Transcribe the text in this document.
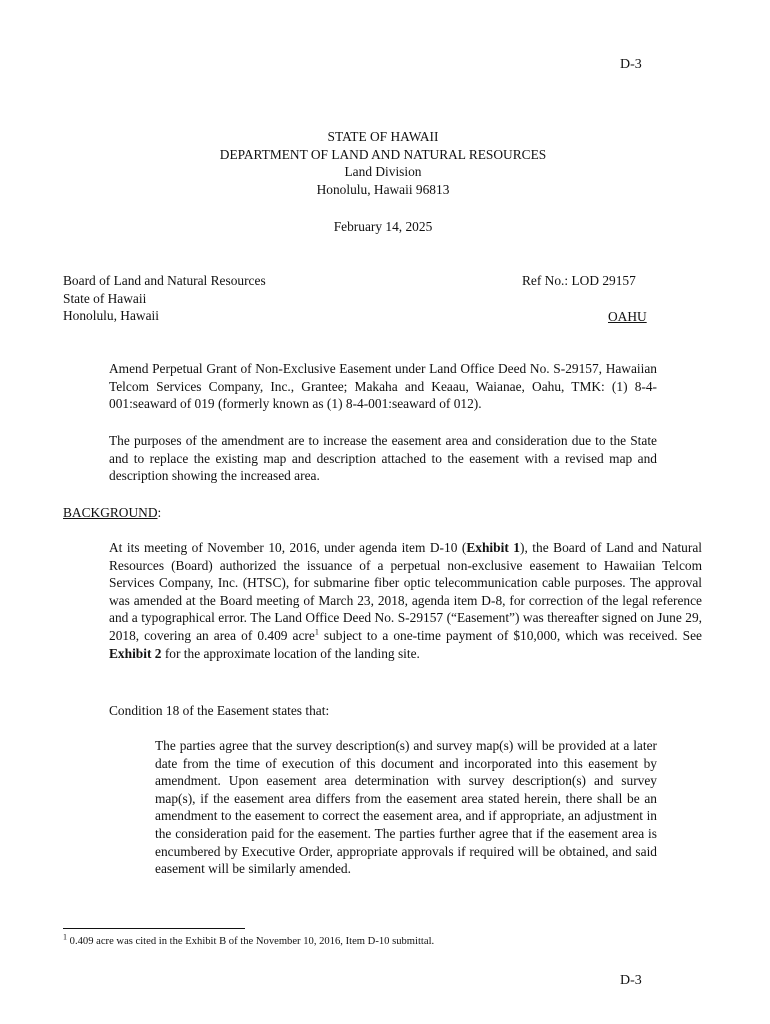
D-3
STATE OF HAWAII
DEPARTMENT OF LAND AND NATURAL RESOURCES
Land Division
Honolulu, Hawaii 96813
February 14, 2025
Board of Land and Natural Resources
State of Hawaii
Honolulu, Hawaii
Ref No.: LOD 29157
OAHU
Amend Perpetual Grant of Non-Exclusive Easement under Land Office Deed No. S-29157, Hawaiian Telcom Services Company, Inc., Grantee; Makaha and Keaau, Waianae, Oahu, TMK: (1) 8-4-001:seaward of 019 (formerly known as (1) 8-4-001:seaward of 012).
The purposes of the amendment are to increase the easement area and consideration due to the State and to replace the existing map and description attached to the easement with a revised map and description showing the increased area.
BACKGROUND:
At its meeting of November 10, 2016, under agenda item D-10 (Exhibit 1), the Board of Land and Natural Resources (Board) authorized the issuance of a perpetual non-exclusive easement to Hawaiian Telcom Services Company, Inc. (HTSC), for submarine fiber optic telecommunication cable purposes. The approval was amended at the Board meeting of March 23, 2018, agenda item D-8, for correction of the legal reference and a typographical error. The Land Office Deed No. S-29157 (“Easement”) was thereafter signed on June 29, 2018, covering an area of 0.409 acre$^1$ subject to a one-time payment of $10,000, which was received. See Exhibit 2 for the approximate location of the landing site.
Condition 18 of the Easement states that:
The parties agree that the survey description(s) and survey map(s) will be provided at a later date from the time of execution of this document and incorporated into this easement by amendment. Upon easement area determination with survey description(s) and survey map(s), if the easement area differs from the easement area stated herein, there shall be an amendment to the easement to correct the easement area, and if appropriate, an adjustment in the consideration paid for the easement. The parties further agree that if the easement area is encumbered by Executive Order, appropriate approvals if required will be obtained, and said easement will be similarly amended.
$^1$ 0.409 acre was cited in the Exhibit B of the November 10, 2016, Item D-10 submittal.
D-3
